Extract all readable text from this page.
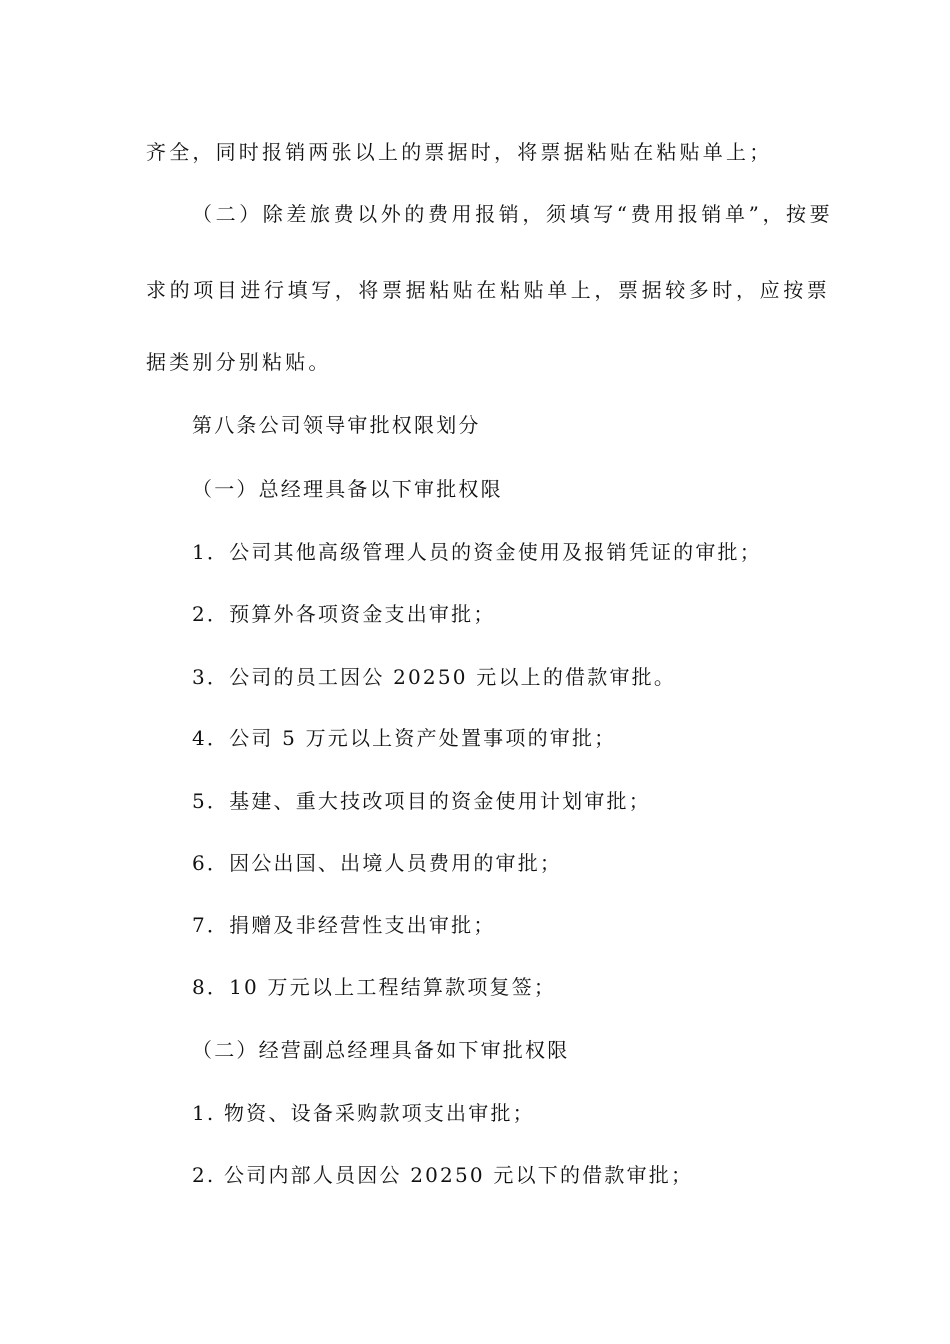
齐全，同时报销两张以上的票据时，将票据粘贴在粘贴单上；
（二）除差旅费以外的费用报销，须填写“费用报销单”，按要
求的项目进行填写，将票据粘贴在粘贴单上，票据较多时，应按票
据类别分别粘贴。
第八条公司领导审批权限划分
（一）总经理具备以下审批权限
1．公司其他高级管理人员的资金使用及报销凭证的审批；
2．预算外各项资金支出审批；
3．公司的员工因公 20250 元以上的借款审批。
4．公司 5 万元以上资产处置事项的审批；
5．基建、重大技改项目的资金使用计划审批；
6．因公出国、出境人员费用的审批；
7．捐赠及非经营性支出审批；
8．10 万元以上工程结算款项复签；
（二）经营副总经理具备如下审批权限
1. 物资、设备采购款项支出审批；
2. 公司内部人员因公 20250 元以下的借款审批；
